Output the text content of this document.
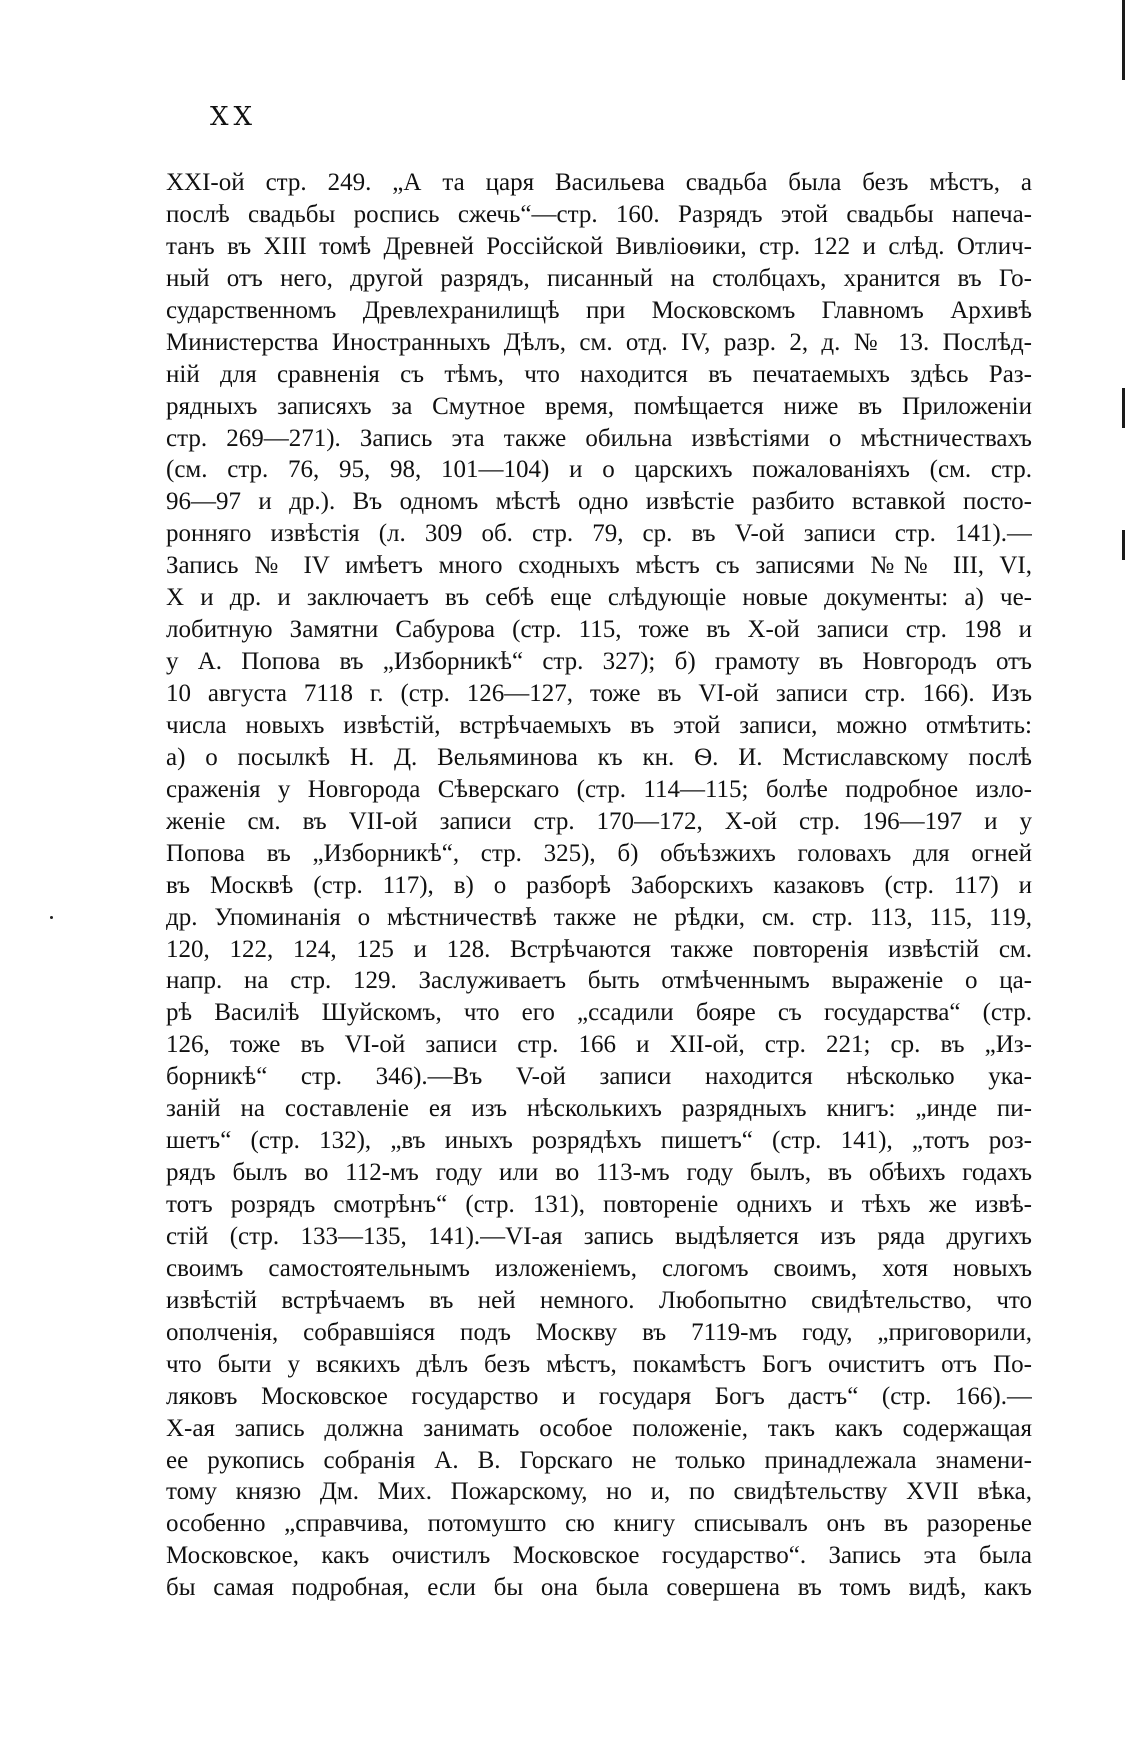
XX
XXI-ой стр. 249. „А та царя Васильева свадьба была безъ мѣстъ, а
послѣ свадьбы роспись сжечь“—стр. 160. Разрядъ этой свадьбы напеча-
танъ въ XIII томѣ Древней Россійской Вивліоѳики, стр. 122 и слѣд. Отлич-
ный отъ него, другой разрядъ, писанный на столбцахъ, хранится въ Го-
сударственномъ Древлехранилищѣ при Московскомъ Главномъ Архивѣ
Министерства Иностранныхъ Дѣлъ, см. отд. IV, разр. 2, д. № 13. Послѣд-
ній для сравненія съ тѣмъ, что находится въ печатаемыхъ здѣсь Раз-
рядныхъ записяхъ за Смутное время, помѣщается ниже въ Приложеніи
стр. 269—271). Запись эта также обильна извѣстіями о мѣстничествахъ
(см. стр. 76, 95, 98, 101—104) и о царскихъ пожалованіяхъ (см. стр.
96—97 и др.). Въ одномъ мѣстѣ одно извѣстіе разбито вставкой посто-
ронняго извѣстія (л. 309 об. стр. 79, ср. въ V-ой записи стр. 141).—
Запись № IV имѣетъ много сходныхъ мѣстъ съ записями №№ III, VI,
X и др. и заключаетъ въ себѣ еще слѣдующіе новые документы: а) че-
лобитную Замятни Сабурова (стр. 115, тоже въ X-ой записи стр. 198 и
у А. Попова въ „Изборникѣ“ стр. 327); б) грамоту въ Новгородъ отъ
10 августа 7118 г. (стр. 126—127, тоже въ VI-ой записи стр. 166). Изъ
числа новыхъ извѣстій, встрѣчаемыхъ въ этой записи, можно отмѣтить:
а) о посылкѣ Н. Д. Вельяминова къ кн. Ѳ. И. Мстиславскому послѣ
сраженія у Новгорода Сѣверскаго (стр. 114—115; болѣе подробное изло-
женіе см. въ VII-ой записи стр. 170—172, X-ой стр. 196—197 и у
Попова въ „Изборникѣ“, стр. 325), б) объѣзжихъ головахъ для огней
въ Москвѣ (стр. 117), в) о разборѣ Заборскихъ казаковъ (стр. 117) и
др. Упоминанія о мѣстничествѣ также не рѣдки, см. стр. 113, 115, 119,
120, 122, 124, 125 и 128. Встрѣчаются также повторенія извѣстій см.
напр. на стр. 129. Заслуживаетъ быть отмѣченнымъ выраженіе о ца-
рѣ Василіѣ Шуйскомъ, что его „ссадили бояре съ государства“ (стр.
126, тоже въ VI-ой записи стр. 166 и XII-ой, стр. 221; ср. въ „Из-
борникѣ“ стр. 346).—Въ V-ой записи находится нѣсколько ука-
заній на составленіе ея изъ нѣсколькихъ разрядныхъ книгъ: „инде пи-
шетъ“ (стр. 132), „въ иныхъ розрядѣхъ пишетъ“ (стр. 141), „тотъ роз-
рядъ былъ во 112-мъ году или во 113-мъ году былъ, въ обѣихъ годахъ
тотъ розрядъ смотрѣнъ“ (стр. 131), повтореніе однихъ и тѣхъ же извѣ-
стій (стр. 133—135, 141).—VI-ая запись выдѣляется изъ ряда другихъ
своимъ самостоятельнымъ изложеніемъ, слогомъ своимъ, хотя новыхъ
извѣстій встрѣчаемъ въ ней немного. Любопытно свидѣтельство, что
ополченія, собравшіяся подъ Москву въ 7119-мъ году, „приговорили,
что быти у всякихъ дѣлъ безъ мѣстъ, покамѣстъ Богъ очиститъ отъ По-
ляковъ Московское государство и государя Богъ дастъ“ (стр. 166).—
X-ая запись должна занимать особое положеніе, такъ какъ содержащая
ее рукопись собранія А. В. Горскаго не только принадлежала знамени-
тому князю Дм. Мих. Пожарскому, но и, по свидѣтельству XVII вѣка,
особенно „справчива, потомушто сю книгу списывалъ онъ въ разоренье
Московское, какъ очистилъ Московское государство“. Запись эта была
бы самая подробная, если бы она была совершена въ томъ видѣ, какъ
